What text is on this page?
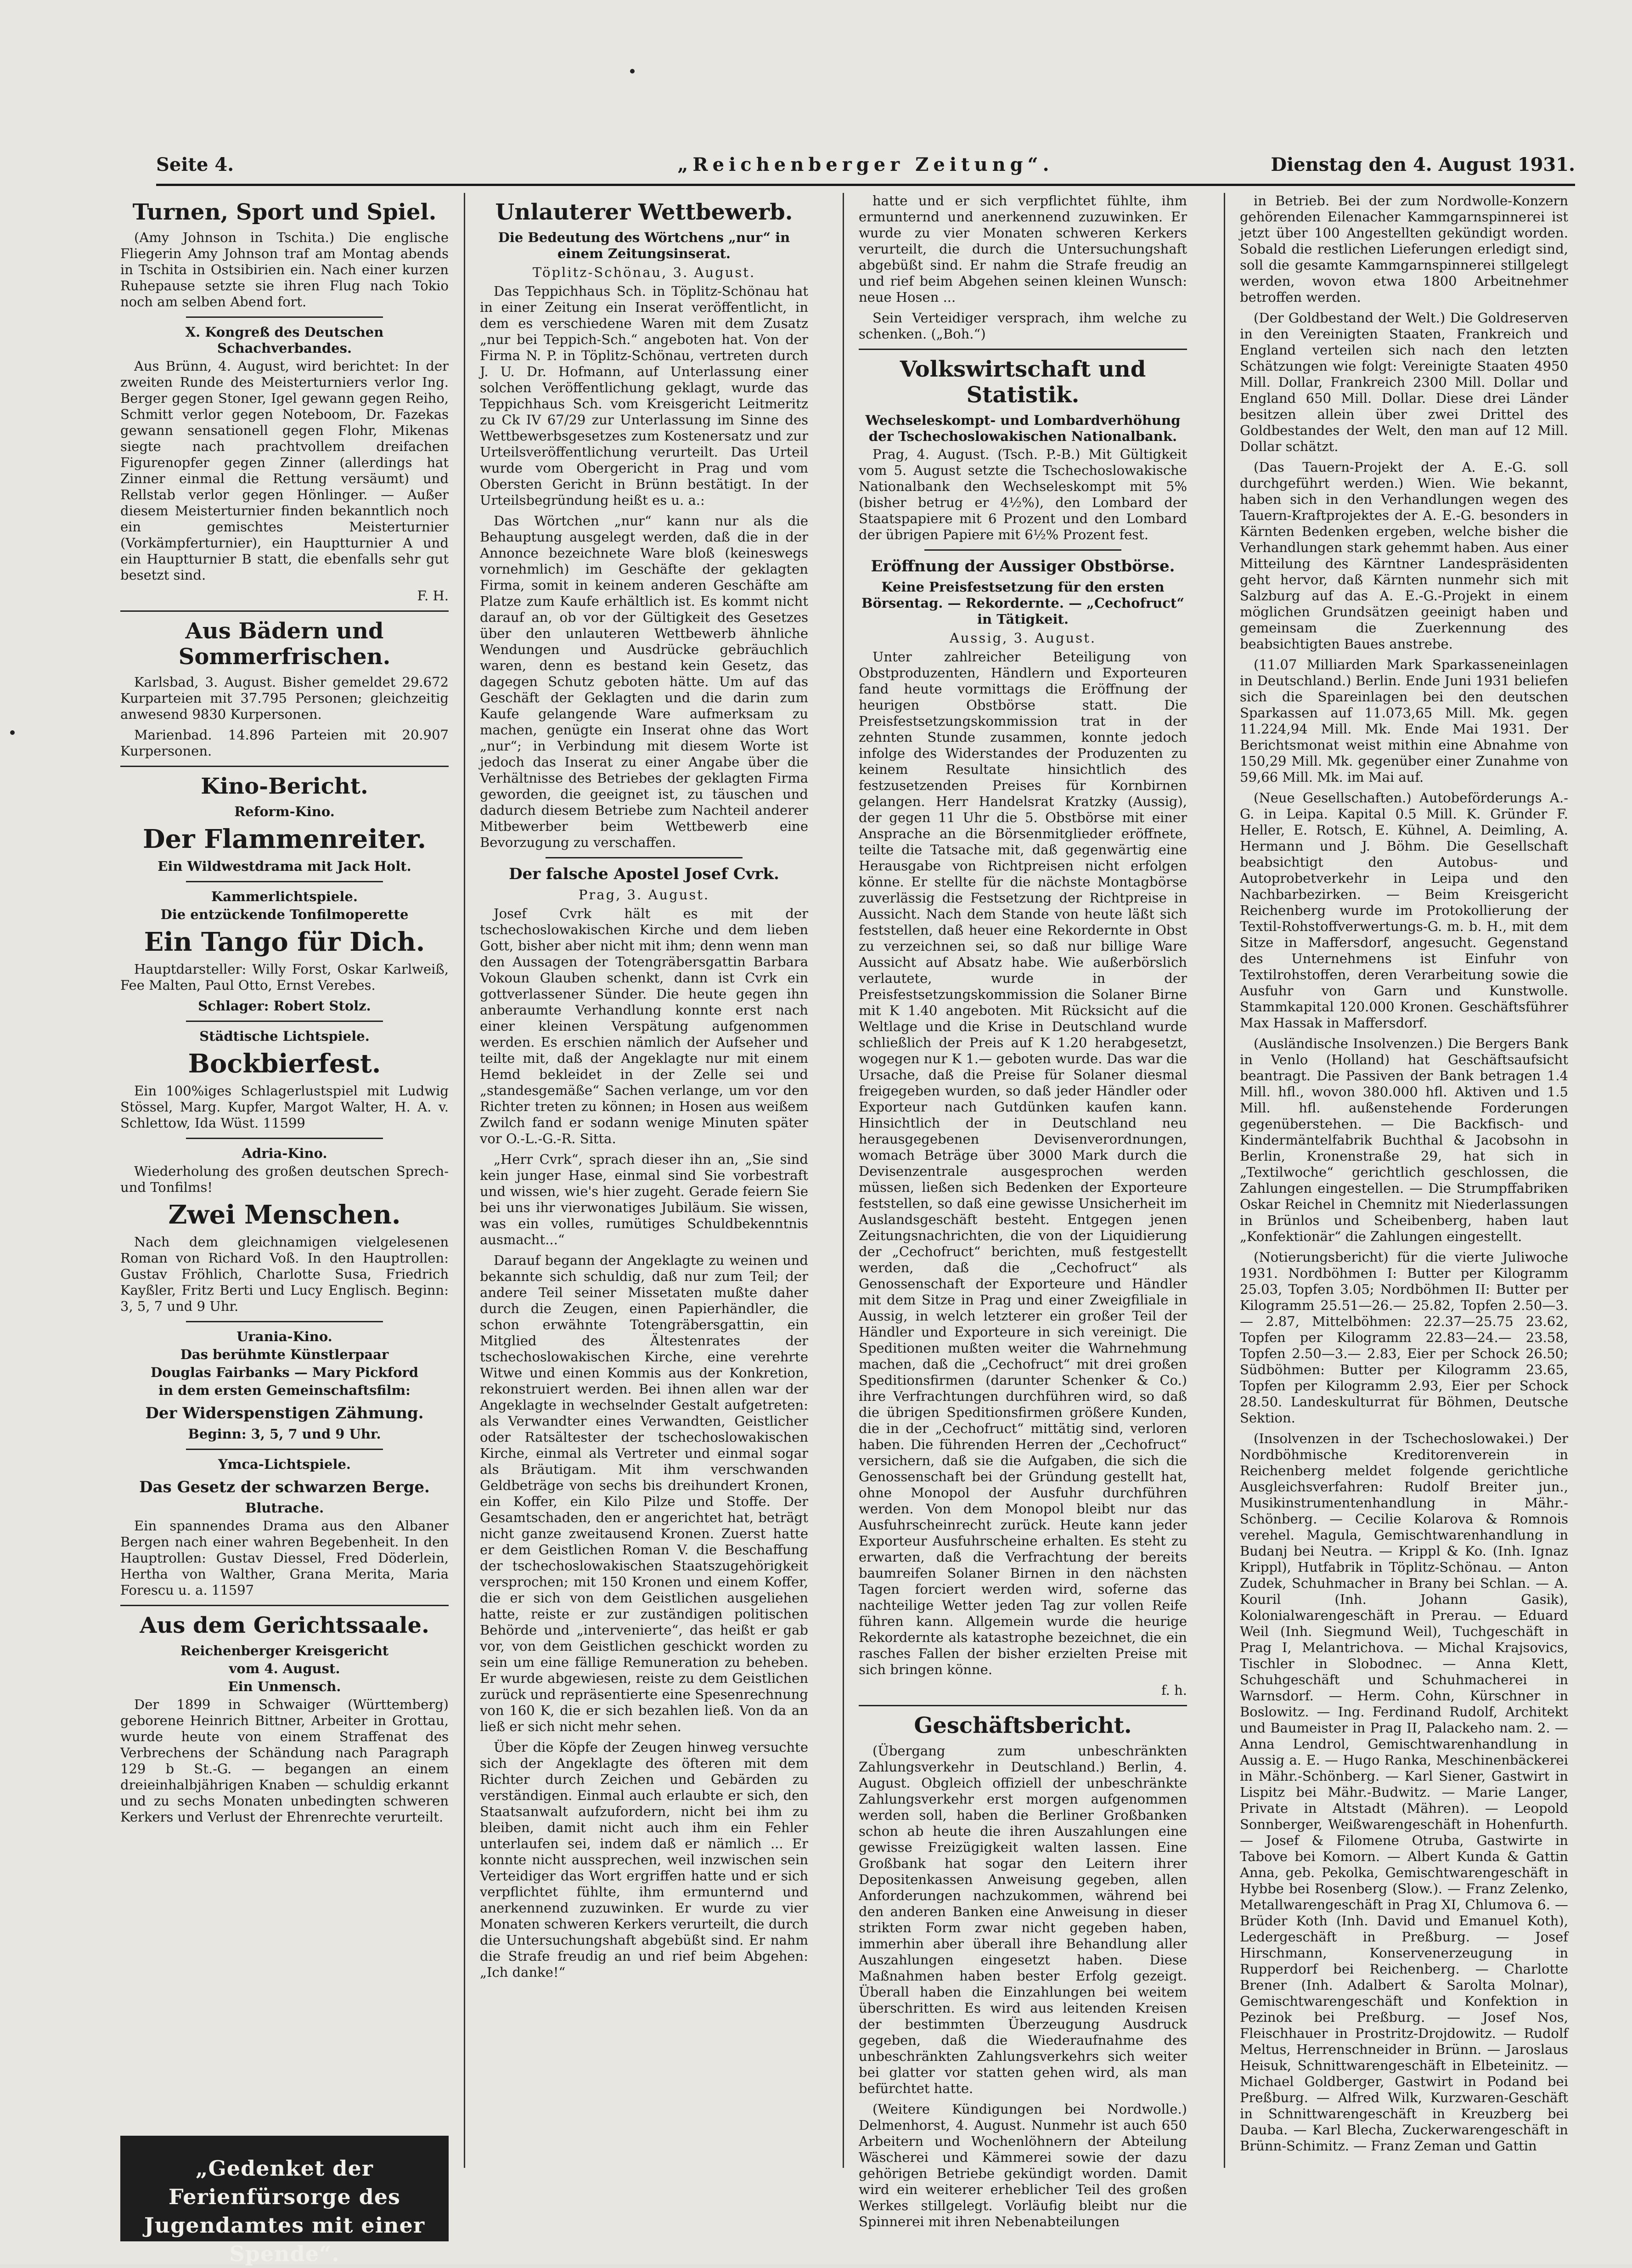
Seite 4.	„Reichenberger Zeitung“.	Dienstag den 4. August 1931.
Turnen, Sport und Spiel.

(Amy Johnson in Tschita.) Die englische Fliegerin Amy Johnson traf am Montag abends in Tschita in Ostsibirien ein. Nach einer kurzen Ruhepause setzte sie ihren Flug nach Tokio noch am selben Abend fort.

X. Kongreß des Deutschen Schachverbandes.

Aus Brünn, 4. August, wird berichtet: In der zweiten Runde des Meisterturniers verlor Ing. Berger gegen Stoner, Igel gewann gegen Reiho, Schmitt verlor gegen Noteboom, Dr. Fazekas gewann sensationell gegen Flohr, Mikenas siegte nach prachtvollem dreifachen Figurenopfer gegen Zinner (allerdings hat Zinner einmal die Rettung versäumt) und Rellstab verlor gegen Hönlinger. — Außer diesem Meisterturnier finden bekanntlich noch ein gemischtes Meisterturnier (Vorkämpferturnier), ein Hauptturnier A und ein Hauptturnier B statt, die ebenfalls sehr gut besetzt sind.

F. H.
Aus Bädern und Sommerfrischen.

Karlsbad, 3. August. Bisher gemeldet 29.672 Kurparteien mit 37.795 Personen; gleichzeitig anwesend 9830 Kurpersonen.

Marienbad. 14.896 Parteien mit 20.907 Kurpersonen.

Kino-Bericht.
Reform-Kino.
Der Flammenreiter.
Ein Wildwestdrama mit Jack Holt.
Kammerlichtspiele.
Die entzückende Tonfilmoperette
Ein Tango für Dich.

Hauptdarsteller: Willy Forst, Oskar Karlweiß, Fee Malten, Paul Otto, Ernst Verebes.

Schlager: Robert Stolz.
Städtische Lichtspiele.
Bockbierfest.

Ein 100%iges Schlagerlustspiel mit Ludwig Stössel, Marg. Kupfer, Margot Walter, H. A. v. Schlettow, Ida Wüst. 11599

Adria-Kino.

Wiederholung des großen deutschen Sprech- und Tonfilms!

Zwei Menschen.

Nach dem gleichnamigen vielgelesenen Roman von Richard Voß. In den Hauptrollen: Gustav Fröhlich, Charlotte Susa, Friedrich Kayßler, Fritz Berti und Lucy Englisch. Beginn: 3, 5, 7 und 9 Uhr.

Urania-Kino.
Das berühmte Künstlerpaar
Douglas Fairbanks — Mary Pickford
in dem ersten Gemeinschaftsfilm:
Der Widerspenstigen Zähmung.
Beginn: 3, 5, 7 und 9 Uhr.
Ymca-Lichtspiele.
Das Gesetz der schwarzen Berge.
Blutrache.

Ein spannendes Drama aus den Albaner Bergen nach einer wahren Begebenheit. In den Hauptrollen: Gustav Diessel, Fred Döderlein, Hertha von Walther, Grana Merita, Maria Forescu u. a. 11597

Aus dem Gerichtssaale.
Reichenberger Kreisgericht
vom 4. August.
Ein Unmensch.

Der 1899 in Schwaiger (Württemberg) geborene Heinrich Bittner, Arbeiter in Grottau, wurde heute von einem Straffenat des Verbrechens der Schändung nach Paragraph 129 b St.-G. — begangen an einem dreieinhalbjährigen Knaben — schuldig erkannt und zu sechs Monaten unbedingten schweren Kerkers und Verlust der Ehrenrechte verurteilt.

„Gedenket der Ferienfürsorge des Jugendamtes mit einer Spende“.
Unlauterer Wettbewerb.
Die Bedeutung des Wörtchens „nur“ in einem Zeitungsinserat.
Töplitz-Schönau, 3. August.

Das Teppichhaus Sch. in Töplitz-Schönau hat in einer Zeitung ein Inserat veröffentlicht, in dem es verschiedene Waren mit dem Zusatz „nur bei Teppich-Sch.“ angeboten hat. Von der Firma N. P. in Töplitz-Schönau, vertreten durch J. U. Dr. Hofmann, auf Unterlassung einer solchen Veröffentlichung geklagt, wurde das Teppichhaus Sch. vom Kreisgericht Leitmeritz zu Ck IV 67/29 zur Unterlassung im Sinne des Wettbewerbsgesetzes zum Kostenersatz und zur Urteilsveröffentlichung verurteilt. Das Urteil wurde vom Obergericht in Prag und vom Obersten Gericht in Brünn bestätigt. In der Urteilsbegründung heißt es u. a.:

Das Wörtchen „nur“ kann nur als die Behauptung ausgelegt werden, daß die in der Annonce bezeichnete Ware bloß (keineswegs vornehmlich) im Geschäfte der geklagten Firma, somit in keinem anderen Geschäfte am Platze zum Kaufe erhältlich ist. Es kommt nicht darauf an, ob vor der Gültigkeit des Gesetzes über den unlauteren Wettbewerb ähnliche Wendungen und Ausdrücke gebräuchlich waren, denn es bestand kein Gesetz, das dagegen Schutz geboten hätte. Um auf das Geschäft der Geklagten und die darin zum Kaufe gelangende Ware aufmerksam zu machen, genügte ein Inserat ohne das Wort „nur“; in Verbindung mit diesem Worte ist jedoch das Inserat zu einer Angabe über die Verhältnisse des Betriebes der geklagten Firma geworden, die geeignet ist, zu täuschen und dadurch diesem Betriebe zum Nachteil anderer Mitbewerber beim Wettbewerb eine Bevorzugung zu verschaffen.

Der falsche Apostel Josef Cvrk.
Prag, 3. August.

Josef Cvrk hält es mit der tschechoslowakischen Kirche und dem lieben Gott, bisher aber nicht mit ihm; denn wenn man den Aussagen der Totengräbersgattin Barbara Vokoun Glauben schenkt, dann ist Cvrk ein gottverlassener Sünder. Die heute gegen ihn anberaumte Verhandlung konnte erst nach einer kleinen Verspätung aufgenommen werden. Es erschien nämlich der Aufseher und teilte mit, daß der Angeklagte nur mit einem Hemd bekleidet in der Zelle sei und „standesgemäße“ Sachen verlange, um vor den Richter treten zu können; in Hosen aus weißem Zwilch fand er sodann wenige Minuten später vor O.-L.-G.-R. Sitta.

„Herr Cvrk“, sprach dieser ihn an, „Sie sind kein junger Hase, einmal sind Sie vorbestraft und wissen, wie's hier zugeht. Gerade feiern Sie bei uns ihr vierwonatiges Jubiläum. Sie wissen, was ein volles, rumütiges Schuldbekenntnis ausmacht...“

Darauf begann der Angeklagte zu weinen und bekannte sich schuldig, daß nur zum Teil; der andere Teil seiner Missetaten mußte daher durch die Zeugen, einen Papierhändler, die schon erwähnte Totengräbersgattin, ein Mitglied des Ältestenrates der tschechoslowakischen Kirche, eine verehrte Witwe und einen Kommis aus der Konkretion, rekonstruiert werden. Bei ihnen allen war der Angeklagte in wechselnder Gestalt aufgetreten: als Verwandter eines Verwandten, Geistlicher oder Ratsältester der tschechoslowakischen Kirche, einmal als Vertreter und einmal sogar als Bräutigam. Mit ihm verschwanden Geldbeträge von sechs bis dreihundert Kronen, ein Koffer, ein Kilo Pilze und Stoffe. Der Gesamtschaden, den er angerichtet hat, beträgt nicht ganze zweitausend Kronen. Zuerst hatte er dem Geistlichen Roman V. die Beschaffung der tschechoslowakischen Staatszugehörigkeit versprochen; mit 150 Kronen und einem Koffer, die er sich von dem Geistlichen ausgeliehen hatte, reiste er zur zuständigen politischen Behörde und „intervenierte“, das heißt er gab vor, von dem Geistlichen geschickt worden zu sein um eine fällige Remuneration zu beheben. Er wurde abgewiesen, reiste zu dem Geistlichen zurück und repräsentierte eine Spesenrechnung von 160 K, die er sich bezahlen ließ. Von da an ließ er sich nicht mehr sehen.

Über die Köpfe der Zeugen hinweg versuchte sich der Angeklagte des öfteren mit dem Richter durch Zeichen und Gebärden zu verständigen. Einmal auch erlaubte er sich, den Staatsanwalt aufzufordern, nicht bei ihm zu bleiben, damit nicht auch ihm ein Fehler unterlaufen sei, indem daß er nämlich ... Er konnte nicht aussprechen, weil inzwischen sein Verteidiger das Wort ergriffen hatte und er sich verpflichtet fühlte, ihm ermunternd und anerkennend zuzuwinken. Er wurde zu vier Monaten schweren Kerkers verurteilt, die durch die Untersuchungshaft abgebüßt sind. Er nahm die Strafe freudig an und rief beim Abgehen: „Ich danke!“

hatte und er sich verpflichtet fühlte, ihm ermunternd und anerkennend zuzuwinken. Er wurde zu vier Monaten schweren Kerkers verurteilt, die durch die Untersuchungshaft abgebüßt sind. Er nahm die Strafe freudig an und rief beim Abgehen seinen kleinen Wunsch: neue Hosen ...

Sein Verteidiger versprach, ihm welche zu schenken. („Boh.“)

Volkswirtschaft und Statistik.
Wechseleskompt- und Lombardverhöhung der Tschechoslowakischen Nationalbank.

Prag, 4. August. (Tsch. P.-B.) Mit Gültigkeit vom 5. August setzte die Tschechoslowakische Nationalbank den Wechseleskompt mit 5% (bisher betrug er 4½%), den Lombard der Staatspapiere mit 6 Prozent und den Lombard der übrigen Papiere mit 6½% Prozent fest.

Eröffnung der Aussiger Obstbörse.
Keine Preisfestsetzung für den ersten Börsentag. — Rekordernte. — „Cechofruct“ in Tätigkeit.
Aussig, 3. August.

Unter zahlreicher Beteiligung von Obstproduzenten, Händlern und Exporteuren fand heute vormittags die Eröffnung der heurigen Obstbörse statt. Die Preisfestsetzungskommission trat in der zehnten Stunde zusammen, konnte jedoch infolge des Widerstandes der Produzenten zu keinem Resultate hinsichtlich des festzusetzenden Preises für Kornbirnen gelangen. Herr Handelsrat Kratzky (Aussig), der gegen 11 Uhr die 5. Obstbörse mit einer Ansprache an die Börsenmitglieder eröffnete, teilte die Tatsache mit, daß gegenwärtig eine Herausgabe von Richtpreisen nicht erfolgen könne. Er stellte für die nächste Montagbörse zuverlässig die Festsetzung der Richtpreise in Aussicht. Nach dem Stande von heute läßt sich feststellen, daß heuer eine Rekordernte in Obst zu verzeichnen sei, so daß nur billige Ware Aussicht auf Absatz habe. Wie außerbörslich verlautete, wurde in der Preisfestsetzungskommission die Solaner Birne mit K 1.40 angeboten. Mit Rücksicht auf die Weltlage und die Krise in Deutschland wurde schließlich der Preis auf K 1.20 herabgesetzt, wogegen nur K 1.— geboten wurde. Das war die Ursache, daß die Preise für Solaner diesmal freigegeben wurden, so daß jeder Händler oder Exporteur nach Gutdünken kaufen kann. Hinsichtlich der in Deutschland neu herausgegebenen Devisenverordnungen, womach Beträge über 3000 Mark durch die Devisenzentrale ausgesprochen werden müssen, ließen sich Bedenken der Exporteure feststellen, so daß eine gewisse Unsicherheit im Auslandsgeschäft besteht. Entgegen jenen Zeitungsnachrichten, die von der Liquidierung der „Cechofruct“ berichten, muß festgestellt werden, daß die „Cechofruct“ als Genossenschaft der Exporteure und Händler mit dem Sitze in Prag und einer Zweigfiliale in Aussig, in welch letzterer ein großer Teil der Händler und Exporteure in sich vereinigt. Die Speditionen mußten weiter die Wahrnehmung machen, daß die „Cechofruct“ mit drei großen Speditionsfirmen (darunter Schenker & Co.) ihre Verfrachtungen durchführen wird, so daß die übrigen Speditionsfirmen größere Kunden, die in der „Cechofruct“ mittätig sind, verloren haben. Die führenden Herren der „Cechofruct“ versichern, daß sie die Aufgaben, die sich die Genossenschaft bei der Gründung gestellt hat, ohne Monopol der Ausfuhr durchführen werden. Von dem Monopol bleibt nur das Ausfuhrscheinrecht zurück. Heute kann jeder Exporteur Ausfuhrscheine erhalten. Es steht zu erwarten, daß die Verfrachtung der bereits baumreifen Solaner Birnen in den nächsten Tagen forciert werden wird, soferne das nachteilige Wetter jeden Tag zur vollen Reife führen kann. Allgemein wurde die heurige Rekordernte als katastrophe bezeichnet, die ein rasches Fallen der bisher erzielten Preise mit sich bringen könne.

f. h.
Geschäftsbericht.

(Übergang zum unbeschränkten Zahlungsverkehr in Deutschland.) Berlin, 4. August. Obgleich offiziell der unbeschränkte Zahlungsverkehr erst morgen aufgenommen werden soll, haben die Berliner Großbanken schon ab heute die ihren Auszahlungen eine gewisse Freizügigkeit walten lassen. Eine Großbank hat sogar den Leitern ihrer Depositenkassen Anweisung gegeben, allen Anforderungen nachzukommen, während bei den anderen Banken eine Anweisung in dieser strikten Form zwar nicht gegeben haben, immerhin aber überall ihre Behandlung aller Auszahlungen eingesetzt haben. Diese Maßnahmen haben bester Erfolg gezeigt. Überall haben die Einzahlungen bei weitem überschritten. Es wird aus leitenden Kreisen der bestimmten Überzeugung Ausdruck gegeben, daß die Wiederaufnahme des unbeschränkten Zahlungsverkehrs sich weiter bei glatter vor statten gehen wird, als man befürchtet hatte.

(Weitere Kündigungen bei Nordwolle.) Delmenhorst, 4. August. Nunmehr ist auch 650 Arbeitern und Wochenlöhnern der Abteilung Wäscherei und Kämmerei sowie der dazu gehörigen Betriebe gekündigt worden. Damit wird ein weiterer erheblicher Teil des großen Werkes stillgelegt. Vorläufig bleibt nur die Spinnerei mit ihren Nebenabteilungen

in Betrieb. Bei der zum Nordwolle-Konzern gehörenden Eilenacher Kammgarnspinnerei ist jetzt über 100 Angestellten gekündigt worden. Sobald die restlichen Lieferungen erledigt sind, soll die gesamte Kammgarnspinnerei stillgelegt werden, wovon etwa 1800 Arbeitnehmer betroffen werden.

(Der Goldbestand der Welt.) Die Goldreserven in den Vereinigten Staaten, Frankreich und England verteilen sich nach den letzten Schätzungen wie folgt: Vereinigte Staaten 4950 Mill. Dollar, Frankreich 2300 Mill. Dollar und England 650 Mill. Dollar. Diese drei Länder besitzen allein über zwei Drittel des Goldbestandes der Welt, den man auf 12 Mill. Dollar schätzt.

(Das Tauern-Projekt der A. E.-G. soll durchgeführt werden.) Wien. Wie bekannt, haben sich in den Verhandlungen wegen des Tauern-Kraftprojektes der A. E.-G. besonders in Kärnten Bedenken ergeben, welche bisher die Verhandlungen stark gehemmt haben. Aus einer Mitteilung des Kärntner Landespräsidenten geht hervor, daß Kärnten nunmehr sich mit Salzburg auf das A. E.-G.-Projekt in einem möglichen Grundsätzen geeinigt haben und gemeinsam die Zuerkennung des beabsichtigten Baues anstrebe.

(11.07 Milliarden Mark Sparkasseneinlagen in Deutschland.) Berlin. Ende Juni 1931 beliefen sich die Spareinlagen bei den deutschen Sparkassen auf 11.073,65 Mill. Mk. gegen 11.224,94 Mill. Mk. Ende Mai 1931. Der Berichtsmonat weist mithin eine Abnahme von 150,29 Mill. Mk. gegenüber einer Zunahme von 59,66 Mill. Mk. im Mai auf.

(Neue Gesellschaften.) Autobeförderungs A.-G. in Leipa. Kapital 0.5 Mill. K. Gründer F. Heller, E. Rotsch, E. Kühnel, A. Deimling, A. Hermann und J. Böhm. Die Gesellschaft beabsichtigt den Autobus- und Autoprobetverkehr in Leipa und den Nachbarbezirken. — Beim Kreisgericht Reichenberg wurde im Protokollierung der Textil-Rohstoffverwertungs-G. m. b. H., mit dem Sitze in Maffersdorf, angesucht. Gegenstand des Unternehmens ist Einfuhr von Textilrohstoffen, deren Verarbeitung sowie die Ausfuhr von Garn und Kunstwolle. Stammkapital 120.000 Kronen. Geschäftsführer Max Hassak in Maffersdorf.

(Ausländische Insolvenzen.) Die Bergers Bank in Venlo (Holland) hat Geschäftsaufsicht beantragt. Die Passiven der Bank betragen 1.4 Mill. hfl., wovon 380.000 hfl. Aktiven und 1.5 Mill. hfl. außenstehende Forderungen gegenüberstehen. — Die Backfisch- und Kindermäntelfabrik Buchthal & Jacobsohn in Berlin, Kronenstraße 29, hat sich in „Textilwoche“ gerichtlich geschlossen, die Zahlungen eingestellen. — Die Strumpffabriken Oskar Reichel in Chemnitz mit Niederlassungen in Brünlos und Scheibenberg, haben laut „Konfektionär“ die Zahlungen eingestellt.

(Notierungsbericht) für die vierte Juliwoche 1931. Nordböhmen I: Butter per Kilogramm 25.03, Topfen 3.05; Nordböhmen II: Butter per Kilogramm 25.51—26.— 25.82, Topfen 2.50—3.— 2.87, Mittelböhmen: 22.37—25.75 23.62, Topfen per Kilogramm 22.83—24.— 23.58, Topfen 2.50—3.— 2.83, Eier per Schock 26.50; Südböhmen: Butter per Kilogramm 23.65, Topfen per Kilogramm 2.93, Eier per Schock 28.50. Landeskulturrat für Böhmen, Deutsche Sektion.

(Insolvenzen in der Tschechoslowakei.) Der Nordböhmische Kreditorenverein in Reichenberg meldet folgende gerichtliche Ausgleichsverfahren: Rudolf Breiter jun., Musikinstrumentenhandlung in Mähr.-Schönberg. — Cecilie Kolarova & Romnois verehel. Magula, Gemischtwarenhandlung in Budanj bei Neutra. — Krippl & Ko. (Inh. Ignaz Krippl), Hutfabrik in Töplitz-Schönau. — Anton Zudek, Schuhmacher in Brany bei Schlan. — A. Kouril (Inh. Johann Gasik), Kolonialwarengeschäft in Prerau. — Eduard Weil (Inh. Siegmund Weil), Tuchgeschäft in Prag I, Melantrichova. — Michal Krajsovics, Tischler in Slobodnec. — Anna Klett, Schuhgeschäft und Schuhmacherei in Warnsdorf. — Herm. Cohn, Kürschner in Boslowitz. — Ing. Ferdinand Rudolf, Architekt und Baumeister in Prag II, Palackeho nam. 2. — Anna Lendrol, Gemischtwarenhandlung in Aussig a. E. — Hugo Ranka, Meschinenbäckerei in Mähr.-Schönberg. — Karl Siener, Gastwirt in Lispitz bei Mähr.-Budwitz. — Marie Langer, Private in Altstadt (Mähren). — Leopold Sonnberger, Weißwarengeschäft in Hohenfurth. — Josef & Filomene Otruba, Gastwirte in Tabove bei Komorn. — Albert Kunda & Gattin Anna, geb. Pekolka, Gemischtwarengeschäft in Hybbe bei Rosenberg (Slow.). — Franz Zelenko, Metallwarengeschäft in Prag XI, Chlumova 6. — Brüder Koth (Inh. David und Emanuel Koth), Ledergeschäft in Preßburg. — Josef Hirschmann, Konservenerzeugung in Rupperdorf bei Reichenberg. — Charlotte Brener (Inh. Adalbert & Sarolta Molnar), Gemischtwarengeschäft und Konfektion in Pezinok bei Preßburg. — Josef Nos, Fleischhauer in Prostritz-Drojdowitz. — Rudolf Meltus, Herrenschneider in Brünn. — Jaroslaus Heisuk, Schnittwarengeschäft in Elbeteinitz. — Michael Goldberger, Gastwirt in Podand bei Preßburg. — Alfred Wilk, Kurzwaren-Geschäft in Schnittwarengeschäft in Kreuzberg bei Dauba. — Karl Blecha, Zuckerwarengeschäft in Brünn-Schimitz. — Franz Zeman und Gattin
